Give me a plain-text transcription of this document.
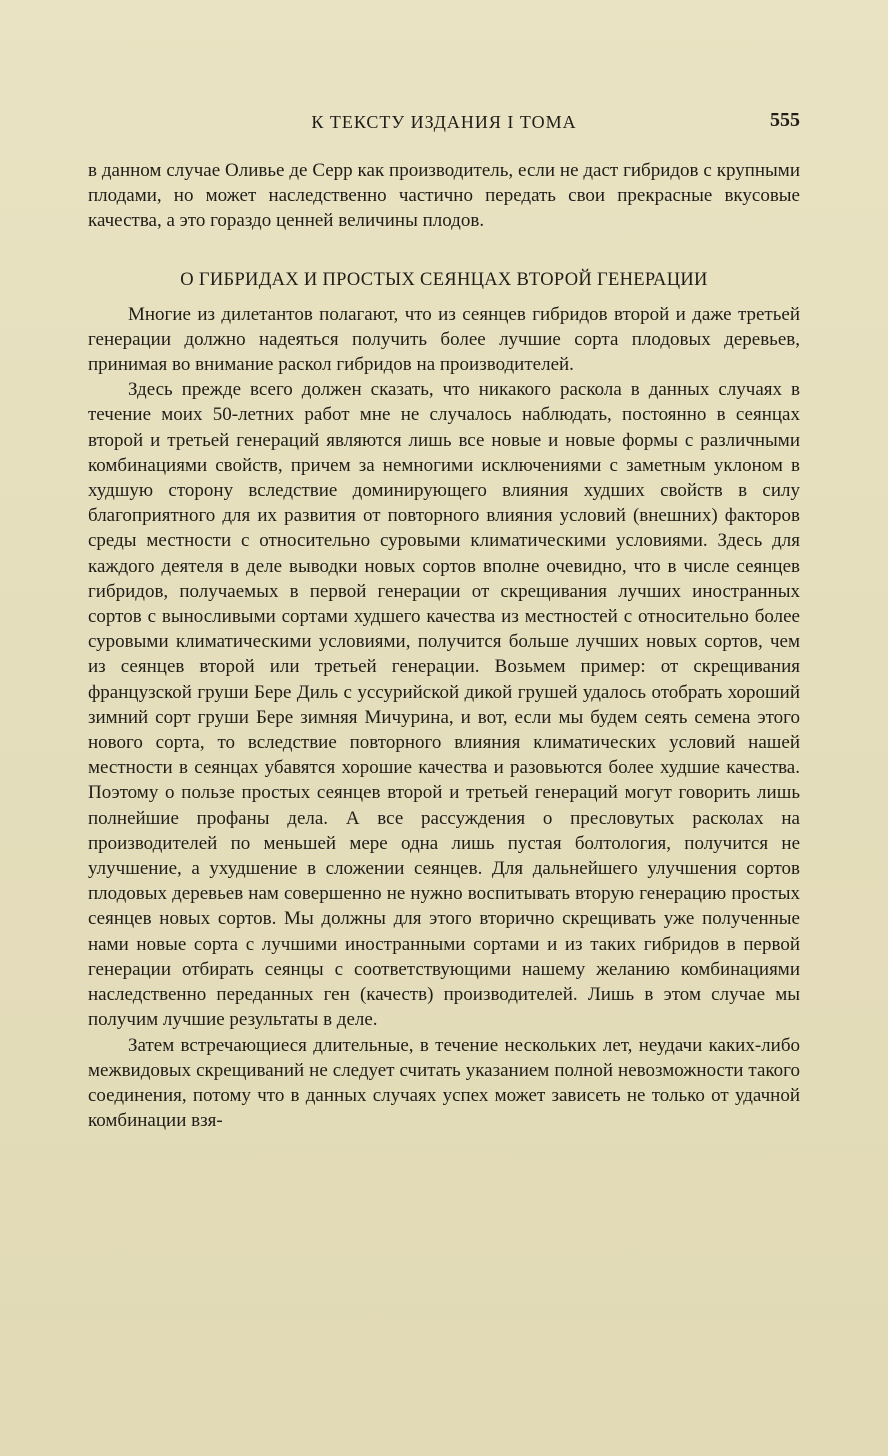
К ТЕКСТУ ИЗДАНИЯ I ТОМА	555

в данном случае Оливье де Серр как производитель, если не даст гибридов с крупными плодами, но может наследственно частично передать свои прекрасные вкусовые качества, а это гораздо ценней величины плодов.

О ГИБРИДАХ И ПРОСТЫХ СЕЯНЦАХ ВТОРОЙ ГЕНЕРАЦИИ

Многие из дилетантов полагают, что из сеянцев гибридов второй и даже третьей генерации должно надеяться получить более лучшие сорта плодовых деревьев, принимая во внимание раскол гибридов на производителей.

Здесь прежде всего должен сказать, что никакого раскола в данных случаях в течение моих 50-летних работ мне не случалось наблюдать, постоянно в сеянцах второй и третьей генераций являются лишь все новые и новые формы с различными комбинациями свойств, причем за немногими исключениями с заметным уклоном в худшую сторону вследствие доминирующего влияния худших свойств в силу благоприятного для их развития от повторного влияния условий (внешних) факторов среды местности с относительно суровыми климатическими условиями. Здесь для каждого деятеля в деле выводки новых сортов вполне очевидно, что в числе сеянцев гибридов, получаемых в первой генерации от скрещивания лучших иностранных сортов с выносливыми сортами худшего качества из местностей с относительно более суровыми климатическими условиями, получится больше лучших новых сортов, чем из сеянцев второй или третьей генерации. Возьмем пример: от скрещивания французской груши Бере Диль с уссурийской дикой грушей удалось отобрать хороший зимний сорт груши Бере зимняя Мичурина, и вот, если мы будем сеять семена этого нового сорта, то вследствие повторного влияния климатических условий нашей местности в сеянцах убавятся хорошие качества и разовьются более худшие качества. Поэтому о пользе простых сеянцев второй и третьей генераций могут говорить лишь полнейшие профаны дела. А все рассуждения о пресловутых расколах на производителей по меньшей мере одна лишь пустая болтология, получится не улучшение, а ухудшение в сложении сеянцев. Для дальнейшего улучшения сортов плодовых деревьев нам совершенно не нужно воспитывать вторую генерацию простых сеянцев новых сортов. Мы должны для этого вторично скрещивать уже полученные нами новые сорта с лучшими иностранными сортами и из таких гибридов в первой генерации отбирать сеянцы с соответствующими нашему желанию комбинациями наследственно переданных ген (качеств) производителей. Лишь в этом случае мы получим лучшие результаты в деле.

Затем встречающиеся длительные, в течение нескольких лет, неудачи каких-либо межвидовых скрещиваний не следует считать указанием полной невозможности такого соединения, потому что в данных случаях успех может зависеть не только от удачной комбинации взя-
